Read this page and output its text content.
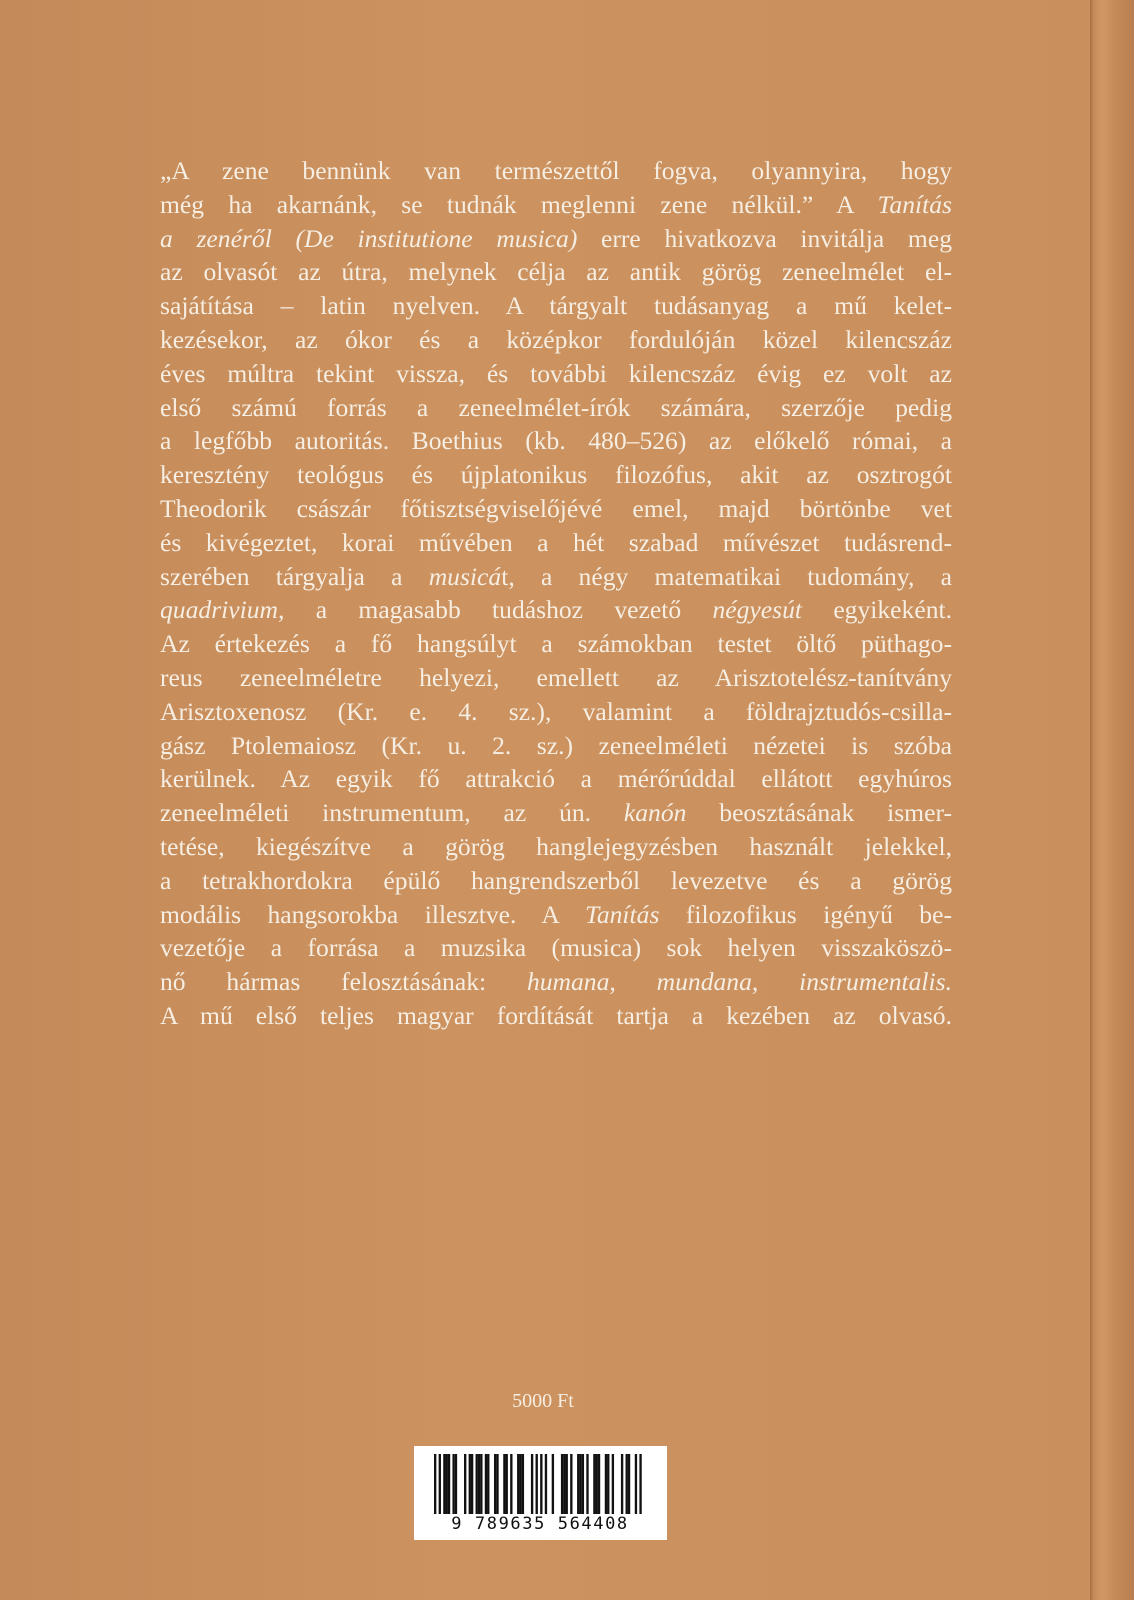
„A zene bennünk van természettől fogva, olyannyira, hogy
még ha akarnánk, se tudnák meglenni zene nélkül.” A Tanítás
a zenéről (De institutione musica) erre hivatkozva invitálja meg
az olvasót az útra, melynek célja az antik görög zeneelmélet el-
sajátítása – latin nyelven. A tárgyalt tudásanyag a mű kelet-
kezésekor, az ókor és a középkor fordulóján közel kilencszáz
éves múltra tekint vissza, és további kilencszáz évig ez volt az
első számú forrás a zeneelmélet-írók számára, szerzője pedig
a legfőbb autoritás. Boethius (kb. 480–526) az előkelő római, a
keresztény teológus és újplatonikus filozófus, akit az osztrogót
Theodorik császár főtisztségviselőjévé emel, majd börtönbe vet
és kivégeztet, korai művében a hét szabad művészet tudásrend-
szerében tárgyalja a musicát, a négy matematikai tudomány, a
quadrivium, a magasabb tudáshoz vezető négyesút egyikeként.
Az értekezés a fő hangsúlyt a számokban testet öltő püthago-
reus zeneelméletre helyezi, emellett az Arisztotelész-tanítvány
Arisztoxenosz (Kr. e. 4. sz.), valamint a földrajztudós-csilla-
gász Ptolemaiosz (Kr. u. 2. sz.) zeneelméleti nézetei is szóba
kerülnek. Az egyik fő attrakció a mérőrúddal ellátott egyhúros
zeneelméleti instrumentum, az ún. kanón beosztásának ismer-
tetése, kiegészítve a görög hanglejegyzésben használt jelekkel,
a tetrakhordokra épülő hangrendszerből levezetve és a görög
modális hangsorokba illesztve. A Tanítás filozofikus igényű be-
vezetője a forrása a muzsika (musica) sok helyen visszaköszö-
nő hármas felosztásának: humana, mundana, instrumentalis.
A mű első teljes magyar fordítását tartja a kezében az olvasó.
5000 Ft
9 789635 564408
